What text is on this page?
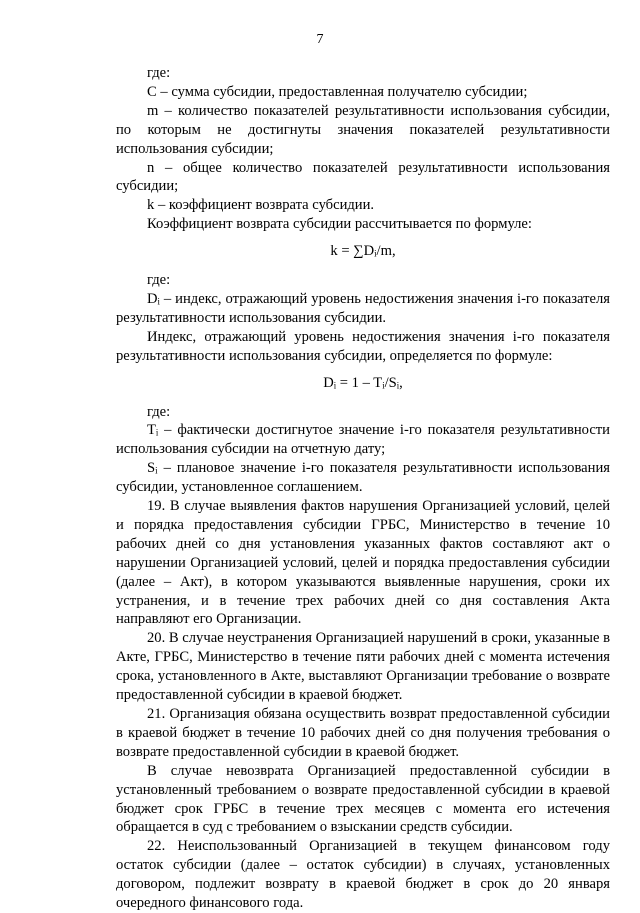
7

где:

С – сумма субсидии, предоставленная получателю субсидии;

m – количество показателей результативности использования субсидии, по которым не достигнуты значения показателей результативности использования субсидии;

n – общее количество показателей результативности использования субсидии;

k – коэффициент возврата субсидии.

Коэффициент возврата субсидии рассчитывается по формуле:

k = ∑Dᵢ/m,

где:

Dᵢ – индекс, отражающий уровень недостижения значения i-го показателя результативности использования субсидии.

Индекс, отражающий уровень недостижения значения i-го показателя результативности использования субсидии, определяется по формуле:

Dᵢ = 1 – Tᵢ/Sᵢ,

где:

Tᵢ – фактически достигнутое значение i-го показателя результативности использования субсидии на отчетную дату;

Sᵢ – плановое значение i-го показателя результативности использования субсидии, установленное соглашением.

19. В случае выявления фактов нарушения Организацией условий, целей и порядка предоставления субсидии ГРБС, Министерство в течение 10 рабочих дней со дня установления указанных фактов составляют акт о нарушении Организацией условий, целей и порядка предоставления субсидии (далее – Акт), в котором указываются выявленные нарушения, сроки их устранения, и в течение трех рабочих дней со дня составления Акта направляют его Организации.

20. В случае неустранения Организацией нарушений в сроки, указанные в Акте, ГРБС, Министерство в течение пяти рабочих дней с момента истечения срока, установленного в Акте, выставляют Организации требование о возврате предоставленной субсидии в краевой бюджет.

21. Организация обязана осуществить возврат предоставленной субсидии в краевой бюджет в течение 10 рабочих дней со дня получения требования о возврате предоставленной субсидии в краевой бюджет.

В случае невозврата Организацией предоставленной субсидии в установленный требованием о возврате предоставленной субсидии в краевой бюджет срок ГРБС в течение трех месяцев с момента его истечения обращается в суд с требованием о взыскании средств субсидии.

22. Неиспользованный Организацией в текущем финансовом году остаток субсидии (далее – остаток субсидии) в случаях, установленных договором, подлежит возврату в краевой бюджет в срок до 20 января очередного финансового года.
